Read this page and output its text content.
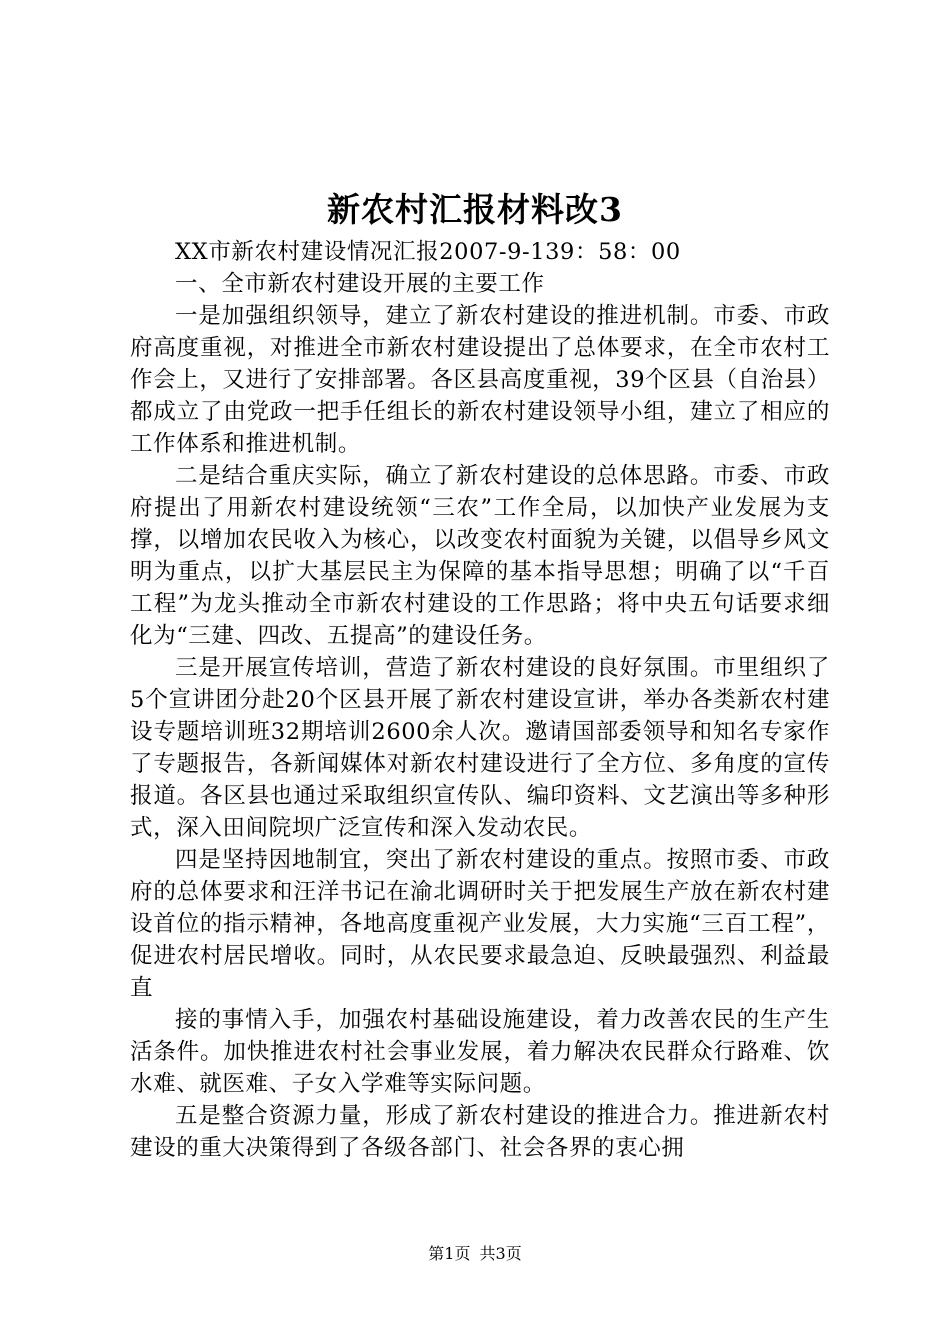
新农村汇报材料改3

XX市新农村建设情况汇报2007-9-139：58：00

一、全市新农村建设开展的主要工作

一是加强组织领导，建立了新农村建设的推进机制。市委、市政府高度重视，对推进全市新农村建设提出了总体要求，在全市农村工作会上，又进行了安排部署。各区县高度重视，39个区县（自治县）都成立了由党政一把手任组长的新农村建设领导小组，建立了相应的工作体系和推进机制。

二是结合重庆实际，确立了新农村建设的总体思路。市委、市政府提出了用新农村建设统领“三农”工作全局，以加快产业发展为支撑，以增加农民收入为核心，以改变农村面貌为关键，以倡导乡风文明为重点，以扩大基层民主为保障的基本指导思想；明确了以“千百工程”为龙头推动全市新农村建设的工作思路；将中央五句话要求细化为“三建、四改、五提高”的建设任务。

三是开展宣传培训，营造了新农村建设的良好氛围。市里组织了5个宣讲团分赴20个区县开展了新农村建设宣讲，举办各类新农村建设专题培训班32期培训2600余人次。邀请国部委领导和知名专家作了专题报告，各新闻媒体对新农村建设进行了全方位、多角度的宣传报道。各区县也通过采取组织宣传队、编印资料、文艺演出等多种形式，深入田间院坝广泛宣传和深入发动农民。

四是坚持因地制宜，突出了新农村建设的重点。按照市委、市政府的总体要求和汪洋书记在渝北调研时关于把发展生产放在新农村建设首位的指示精神，各地高度重视产业发展，大力实施“三百工程”，促进农村居民增收。同时，从农民要求最急迫、反映最强烈、利益最直

接的事情入手，加强农村基础设施建设，着力改善农民的生产生活条件。加快推进农村社会事业发展，着力解决农民群众行路难、饮水难、就医难、子女入学难等实际问题。

五是整合资源力量，形成了新农村建设的推进合力。推进新农村建设的重大决策得到了各级各部门、社会各界的衷心拥

第1页 共3页
